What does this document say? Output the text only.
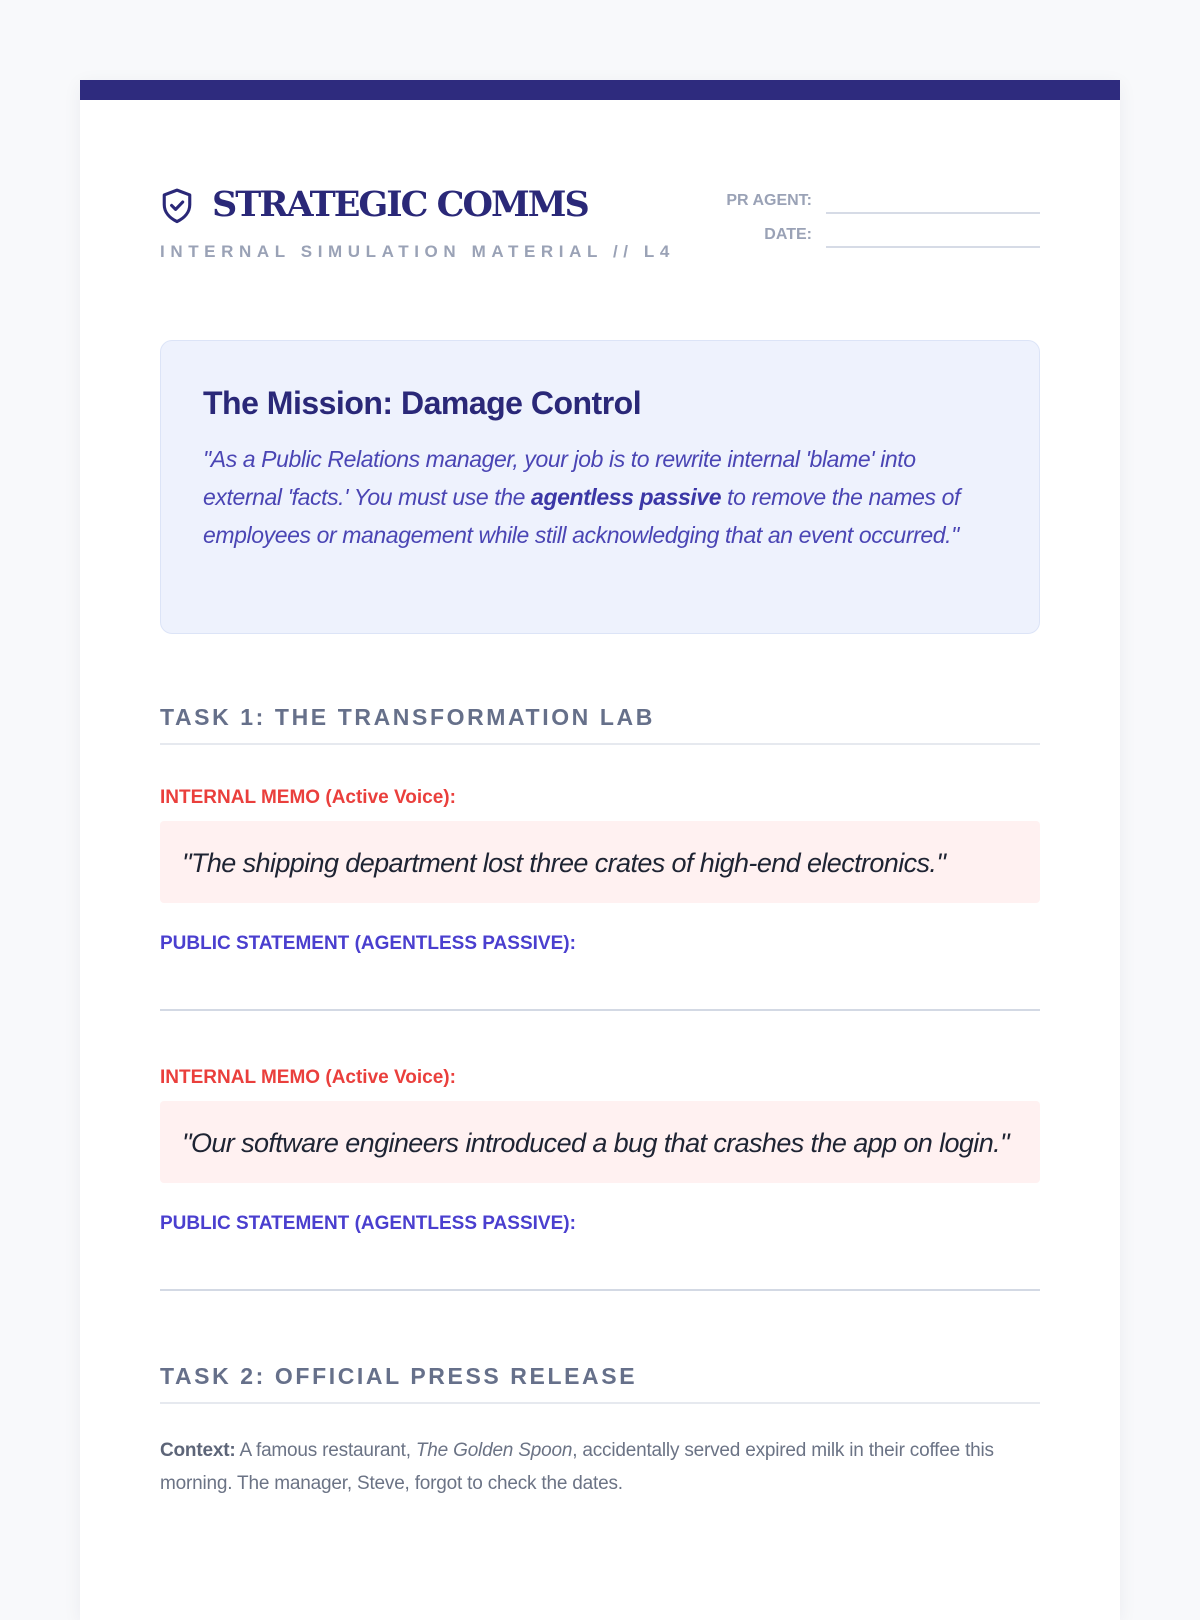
STRATEGIC COMMS
INTERNAL SIMULATION MATERIAL // L4
PR AGENT:
DATE:
The Mission: Damage Control
"As a Public Relations manager, your job is to rewrite internal 'blame' into external 'facts.' You must use the agentless passive to remove the names of employees or management while still acknowledging that an event occurred."
TASK 1: THE TRANSFORMATION LAB
INTERNAL MEMO (Active Voice):
"The shipping department lost three crates of high-end electronics."
PUBLIC STATEMENT (AGENTLESS PASSIVE):
INTERNAL MEMO (Active Voice):
"Our software engineers introduced a bug that crashes the app on login."
PUBLIC STATEMENT (AGENTLESS PASSIVE):
TASK 2: OFFICIAL PRESS RELEASE
Context: A famous restaurant, The Golden Spoon, accidentally served expired milk in their coffee this morning. The manager, Steve, forgot to check the dates.
